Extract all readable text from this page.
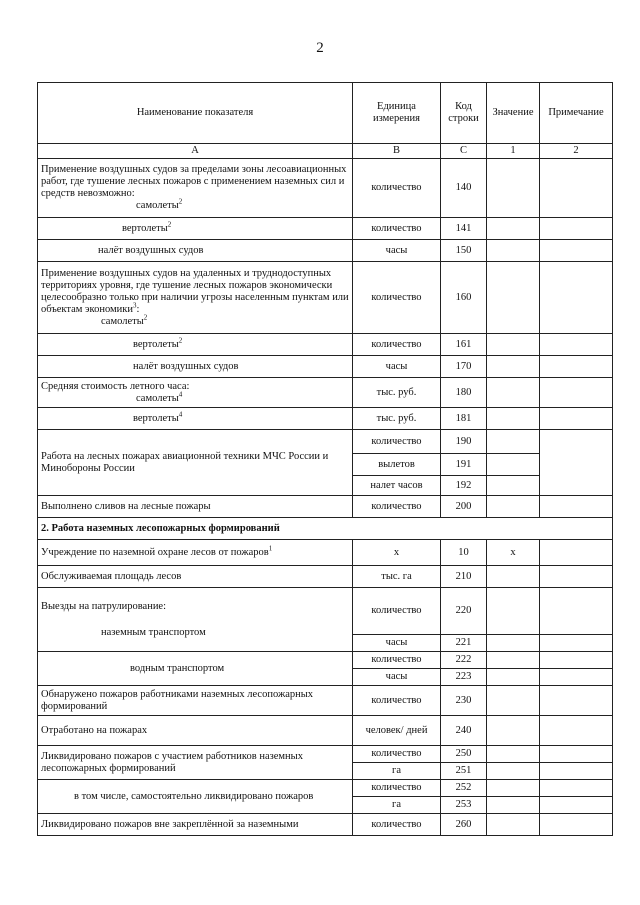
2
Наименование показателя	Единица измерения	Код строки	Значение	Примечание
A	B	C	1	2

Применение воздушных судов за пределами зоны лесоавиационных работ, где тушение лесных пожаров с применением наземных сил и средств невозможно:
самолеты$^2$	количество	140		
вертолеты$^2$	количество	141		
налёт воздушных судов	часы	150		

Применение воздушных судов на удаленных и труднодоступных территориях уровня, где тушение лесных пожаров экономически целесообразно только при наличии угрозы населенным пунктам или объектам экономики$^3$:
самолеты$^2$	количество	160		
вертолеты$^2$	количество	161		
налёт воздушных судов	часы	170		

Средняя стоимость летного часа:
самолеты$^4$	тыс. руб.	180		
вертолеты$^4$	тыс. руб.	181		
Работа на лесных пожарах авиационной техники МЧС России и Минобороны России	количество	190		
	вылетов	191		
	налет часов	192		
Выполнено сливов на лесные пожары	количество	200		
2. Работа наземных лесопожарных формирований				
Учреждение по наземной охране лесов от пожаров$^1$	х	10	х	
Обслуживаемая площадь лесов	тыс. га	210		

Выезды на патрулирование:
наземным транспортом	количество	220		
	часы	221		
водным транспортом	количество	222		
	часы	223		
Обнаружено пожаров работниками наземных лесопожарных формирований	количество	230		
Отработано на пожарах	человек/ дней	240		
Ликвидировано пожаров с участием работников наземных лесопожарных формирований	количество	250		
	га	251		
в том числе, самостоятельно ликвидировано пожаров	количество	252		
	га	253		
Ликвидировано пожаров вне закреплённой за наземными	количество	260		
